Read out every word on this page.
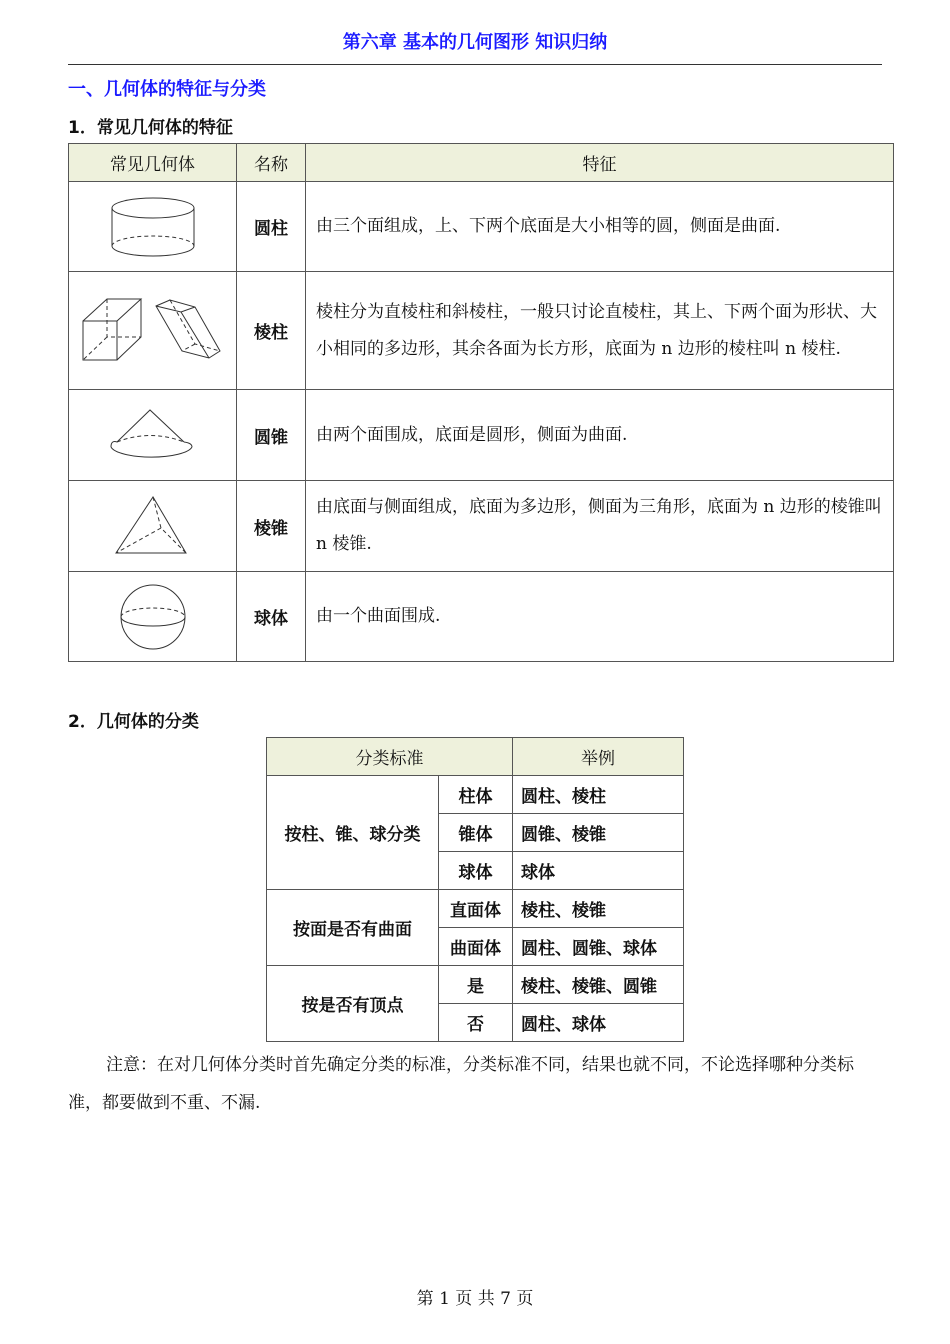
第六章 基本的几何图形 知识归纳
一、几何体的特征与分类
1．常见几何体的特征
常见几何体	名称	特征

	圆柱	由三个面组成，上、下两个底面是大小相等的圆，侧面是曲面.

	棱柱	棱柱分为直棱柱和斜棱柱，一般只讨论直棱柱，其上、下两个面为形状、大小相同的多边形，其余各面为长方形，底面为 n 边形的棱柱叫 n 棱柱.

	圆锥	由两个面围成，底面是圆形，侧面为曲面.

	棱锥	由底面与侧面组成，底面为多边形，侧面为三角形，底面为 n 边形的棱锥叫 n 棱锥.

	球体	由一个曲面围成.
2．几何体的分类
分类标准		举例
按柱、锥、球分类	柱体	圆柱、棱柱
	锥体	圆锥、棱锥
	球体	球体
按面是否有曲面	直面体	棱柱、棱锥
	曲面体	圆柱、圆锥、球体
按是否有顶点	是	棱柱、棱锥、圆锥
	否	圆柱、球体
注意：在对几何体分类时首先确定分类的标准，分类标准不同，结果也就不同，不论选择哪种分类标准，都要做到不重、不漏.
第 1 页 共 7 页
